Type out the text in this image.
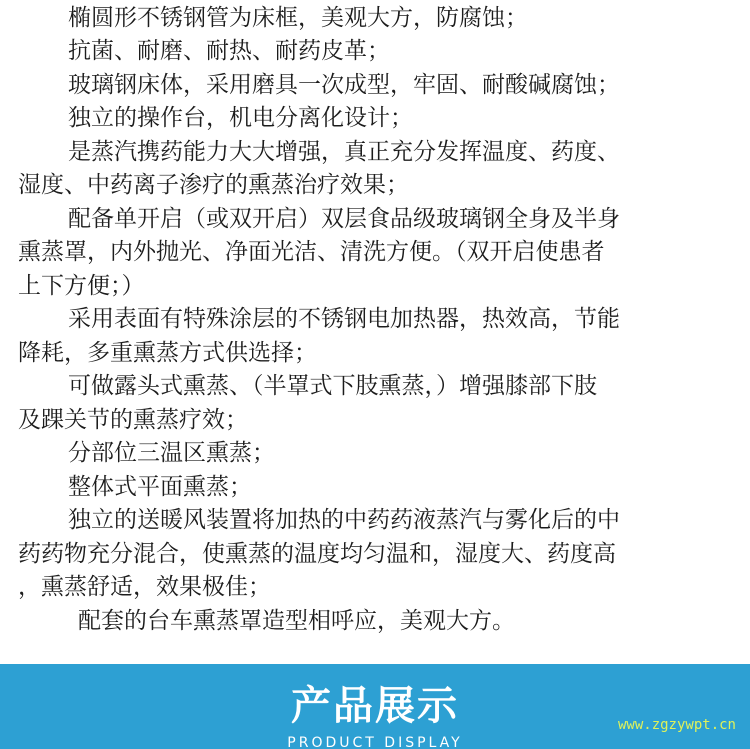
椭圆形不锈钢管为床框，美观大方，防腐蚀；
抗菌、耐磨、耐热、耐药皮革；
玻璃钢床体，采用磨具一次成型，牢固、耐酸碱腐蚀；
独立的操作台，机电分离化设计；
是蒸汽携药能力大大增强，真正充分发挥温度、药度、
湿度、中药离子渗疗的熏蒸治疗效果；
配备单开启（或双开启）双层食品级玻璃钢全身及半身
熏蒸罩，内外抛光、净面光洁、清洗方便。（双开启使患者
上下方便；）
采用表面有特殊涂层的不锈钢电加热器，热效高，节能
降耗，多重熏蒸方式供选择；
可做露头式熏蒸、（半罩式下肢熏蒸，）增强膝部下肢
及踝关节的熏蒸疗效；
分部位三温区熏蒸；
整体式平面熏蒸；
独立的送暖风装置将加热的中药药液蒸汽与雾化后的中
药药物充分混合，使熏蒸的温度均匀温和，湿度大、药度高
，熏蒸舒适，效果极佳；
配套的台车熏蒸罩造型相呼应，美观大方。
产品展示
PRODUCT DISPLAY
www.zgzywpt.cn
